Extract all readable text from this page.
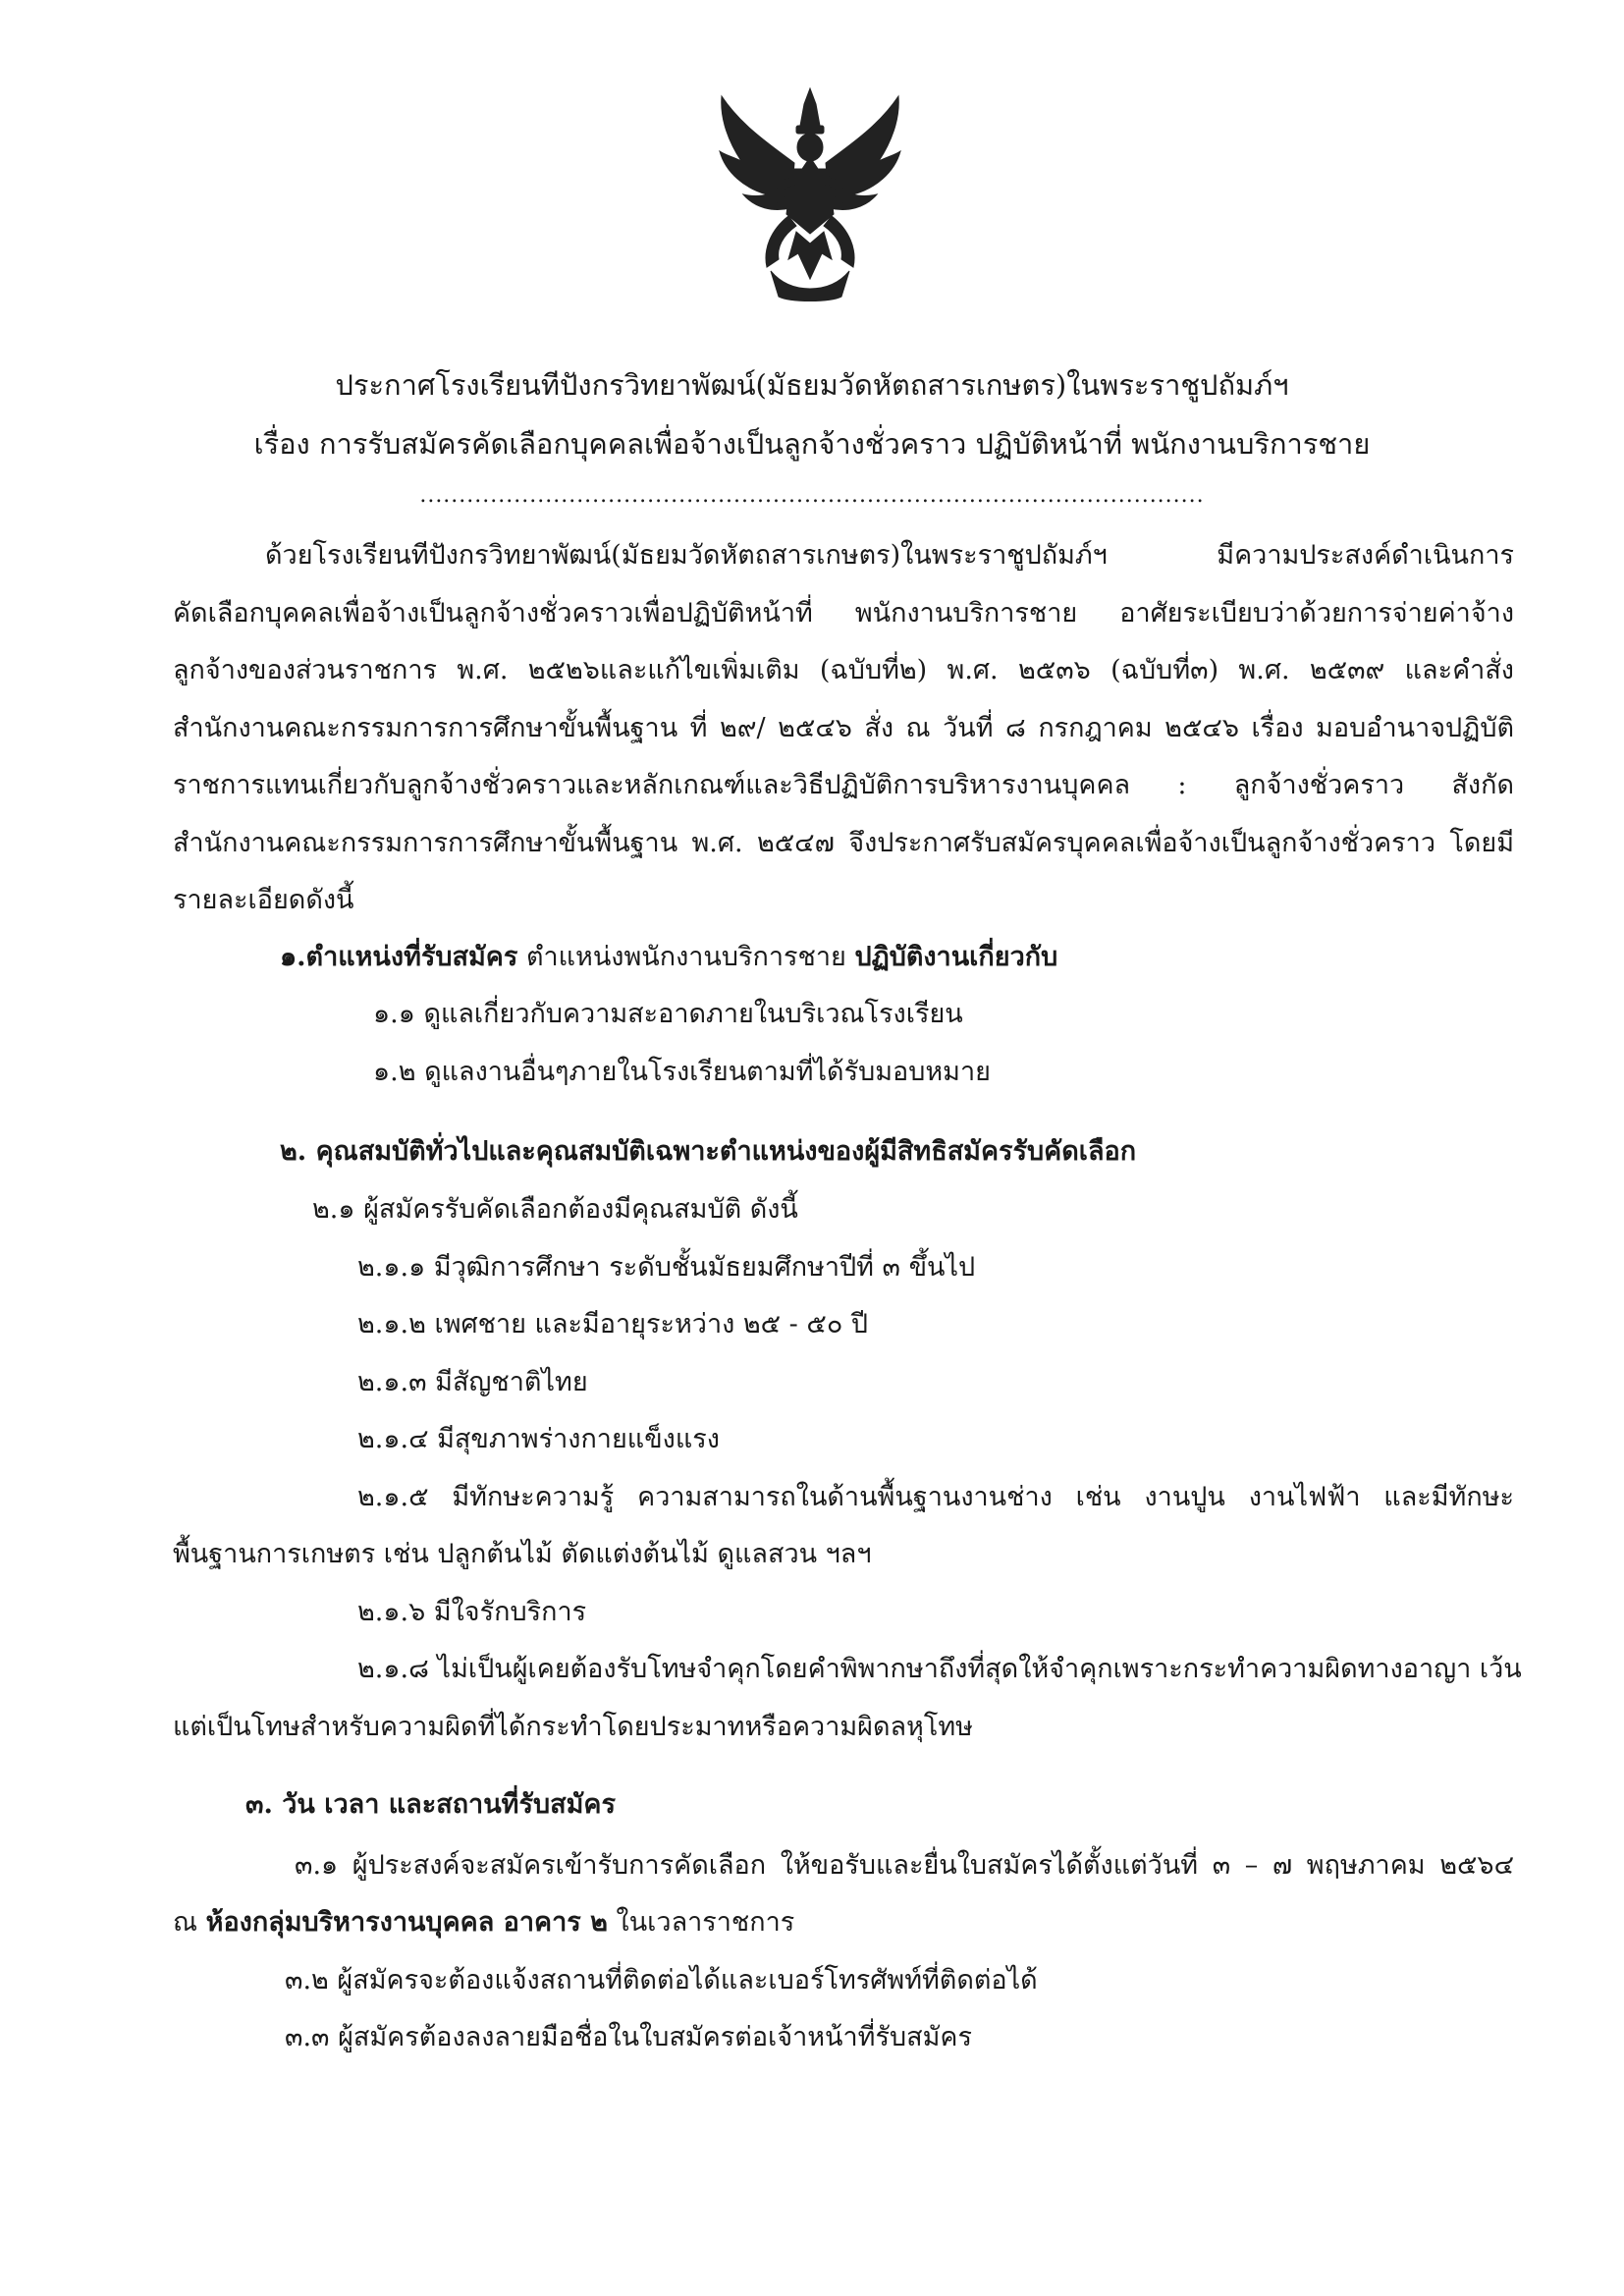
ประกาศโรงเรียนทีปังกรวิทยาพัฒน์(มัธยมวัดหัตถสารเกษตร)ในพระราชูปถัมภ์ฯ
เรื่อง การรับสมัครคัดเลือกบุคคลเพื่อจ้างเป็นลูกจ้างชั่วคราว ปฏิบัติหน้าที่ พนักงานบริการชาย
....................................................................................................
ด้วยโรงเรียนทีปังกรวิทยาพัฒน์(มัธยมวัดหัตถสารเกษตร)ในพระราชูปถัมภ์ฯ มีความประสงค์ดำเนินการ
คัดเลือกบุคคลเพื่อจ้างเป็นลูกจ้างชั่วคราวเพื่อปฏิบัติหน้าที่ พนักงานบริการชาย อาศัยระเบียบว่าด้วยการจ่ายค่าจ้าง
ลูกจ้างของส่วนราชการ พ.ศ. ๒๕๒๖และแก้ไขเพิ่มเติม (ฉบับที่๒) พ.ศ. ๒๕๓๖ (ฉบับที่๓) พ.ศ. ๒๕๓๙ และคำสั่ง
สำนักงานคณะกรรมการการศึกษาขั้นพื้นฐาน ที่ ๒๙/ ๒๕๔๖ สั่ง ณ วันที่ ๘ กรกฎาคม ๒๕๔๖ เรื่อง มอบอำนาจปฏิบัติ
ราชการแทนเกี่ยวกับลูกจ้างชั่วคราวและหลักเกณฑ์และวิธีปฏิบัติการบริหารงานบุคคล : ลูกจ้างชั่วคราว สังกัด
สำนักงานคณะกรรมการการศึกษาขั้นพื้นฐาน พ.ศ. ๒๕๔๗ จึงประกาศรับสมัครบุคคลเพื่อจ้างเป็นลูกจ้างชั่วคราว โดยมี
รายละเอียดดังนี้
๑.ตำแหน่งที่รับสมัคร ตำแหน่งพนักงานบริการชาย ปฏิบัติงานเกี่ยวกับ
๑.๑ ดูแลเกี่ยวกับความสะอาดภายในบริเวณโรงเรียน
๑.๒ ดูแลงานอื่นๆภายในโรงเรียนตามที่ได้รับมอบหมาย
๒. คุณสมบัติทั่วไปและคุณสมบัติเฉพาะตำแหน่งของผู้มีสิทธิสมัครรับคัดเลือก
๒.๑ ผู้สมัครรับคัดเลือกต้องมีคุณสมบัติ ดังนี้
๒.๑.๑ มีวุฒิการศึกษา ระดับชั้นมัธยมศึกษาปีที่ ๓ ขึ้นไป
๒.๑.๒ เพศชาย และมีอายุระหว่าง ๒๕ - ๕๐ ปี
๒.๑.๓ มีสัญชาติไทย
๒.๑.๔ มีสุขภาพร่างกายแข็งแรง
๒.๑.๕ มีทักษะความรู้ ความสามารถในด้านพื้นฐานงานช่าง เช่น งานปูน งานไฟฟ้า และมีทักษะ
พื้นฐานการเกษตร เช่น ปลูกต้นไม้ ตัดแต่งต้นไม้ ดูแลสวน ฯลฯ
๒.๑.๖ มีใจรักบริการ
๒.๑.๘ ไม่เป็นผู้เคยต้องรับโทษจำคุกโดยคำพิพากษาถึงที่สุดให้จำคุกเพราะกระทำความผิดทางอาญา เว้น
แต่เป็นโทษสำหรับความผิดที่ได้กระทำโดยประมาทหรือความผิดลหุโทษ
๓. วัน เวลา และสถานที่รับสมัคร
๓.๑ ผู้ประสงค์จะสมัครเข้ารับการคัดเลือก ให้ขอรับและยื่นใบสมัครได้ตั้งแต่วันที่ ๓ – ๗ พฤษภาคม ๒๕๖๔
ณ ห้องกลุ่มบริหารงานบุคคล อาคาร ๒ ในเวลาราชการ
๓.๒ ผู้สมัครจะต้องแจ้งสถานที่ติดต่อได้และเบอร์โทรศัพท์ที่ติดต่อได้
๓.๓ ผู้สมัครต้องลงลายมือชื่อในใบสมัครต่อเจ้าหน้าที่รับสมัคร
